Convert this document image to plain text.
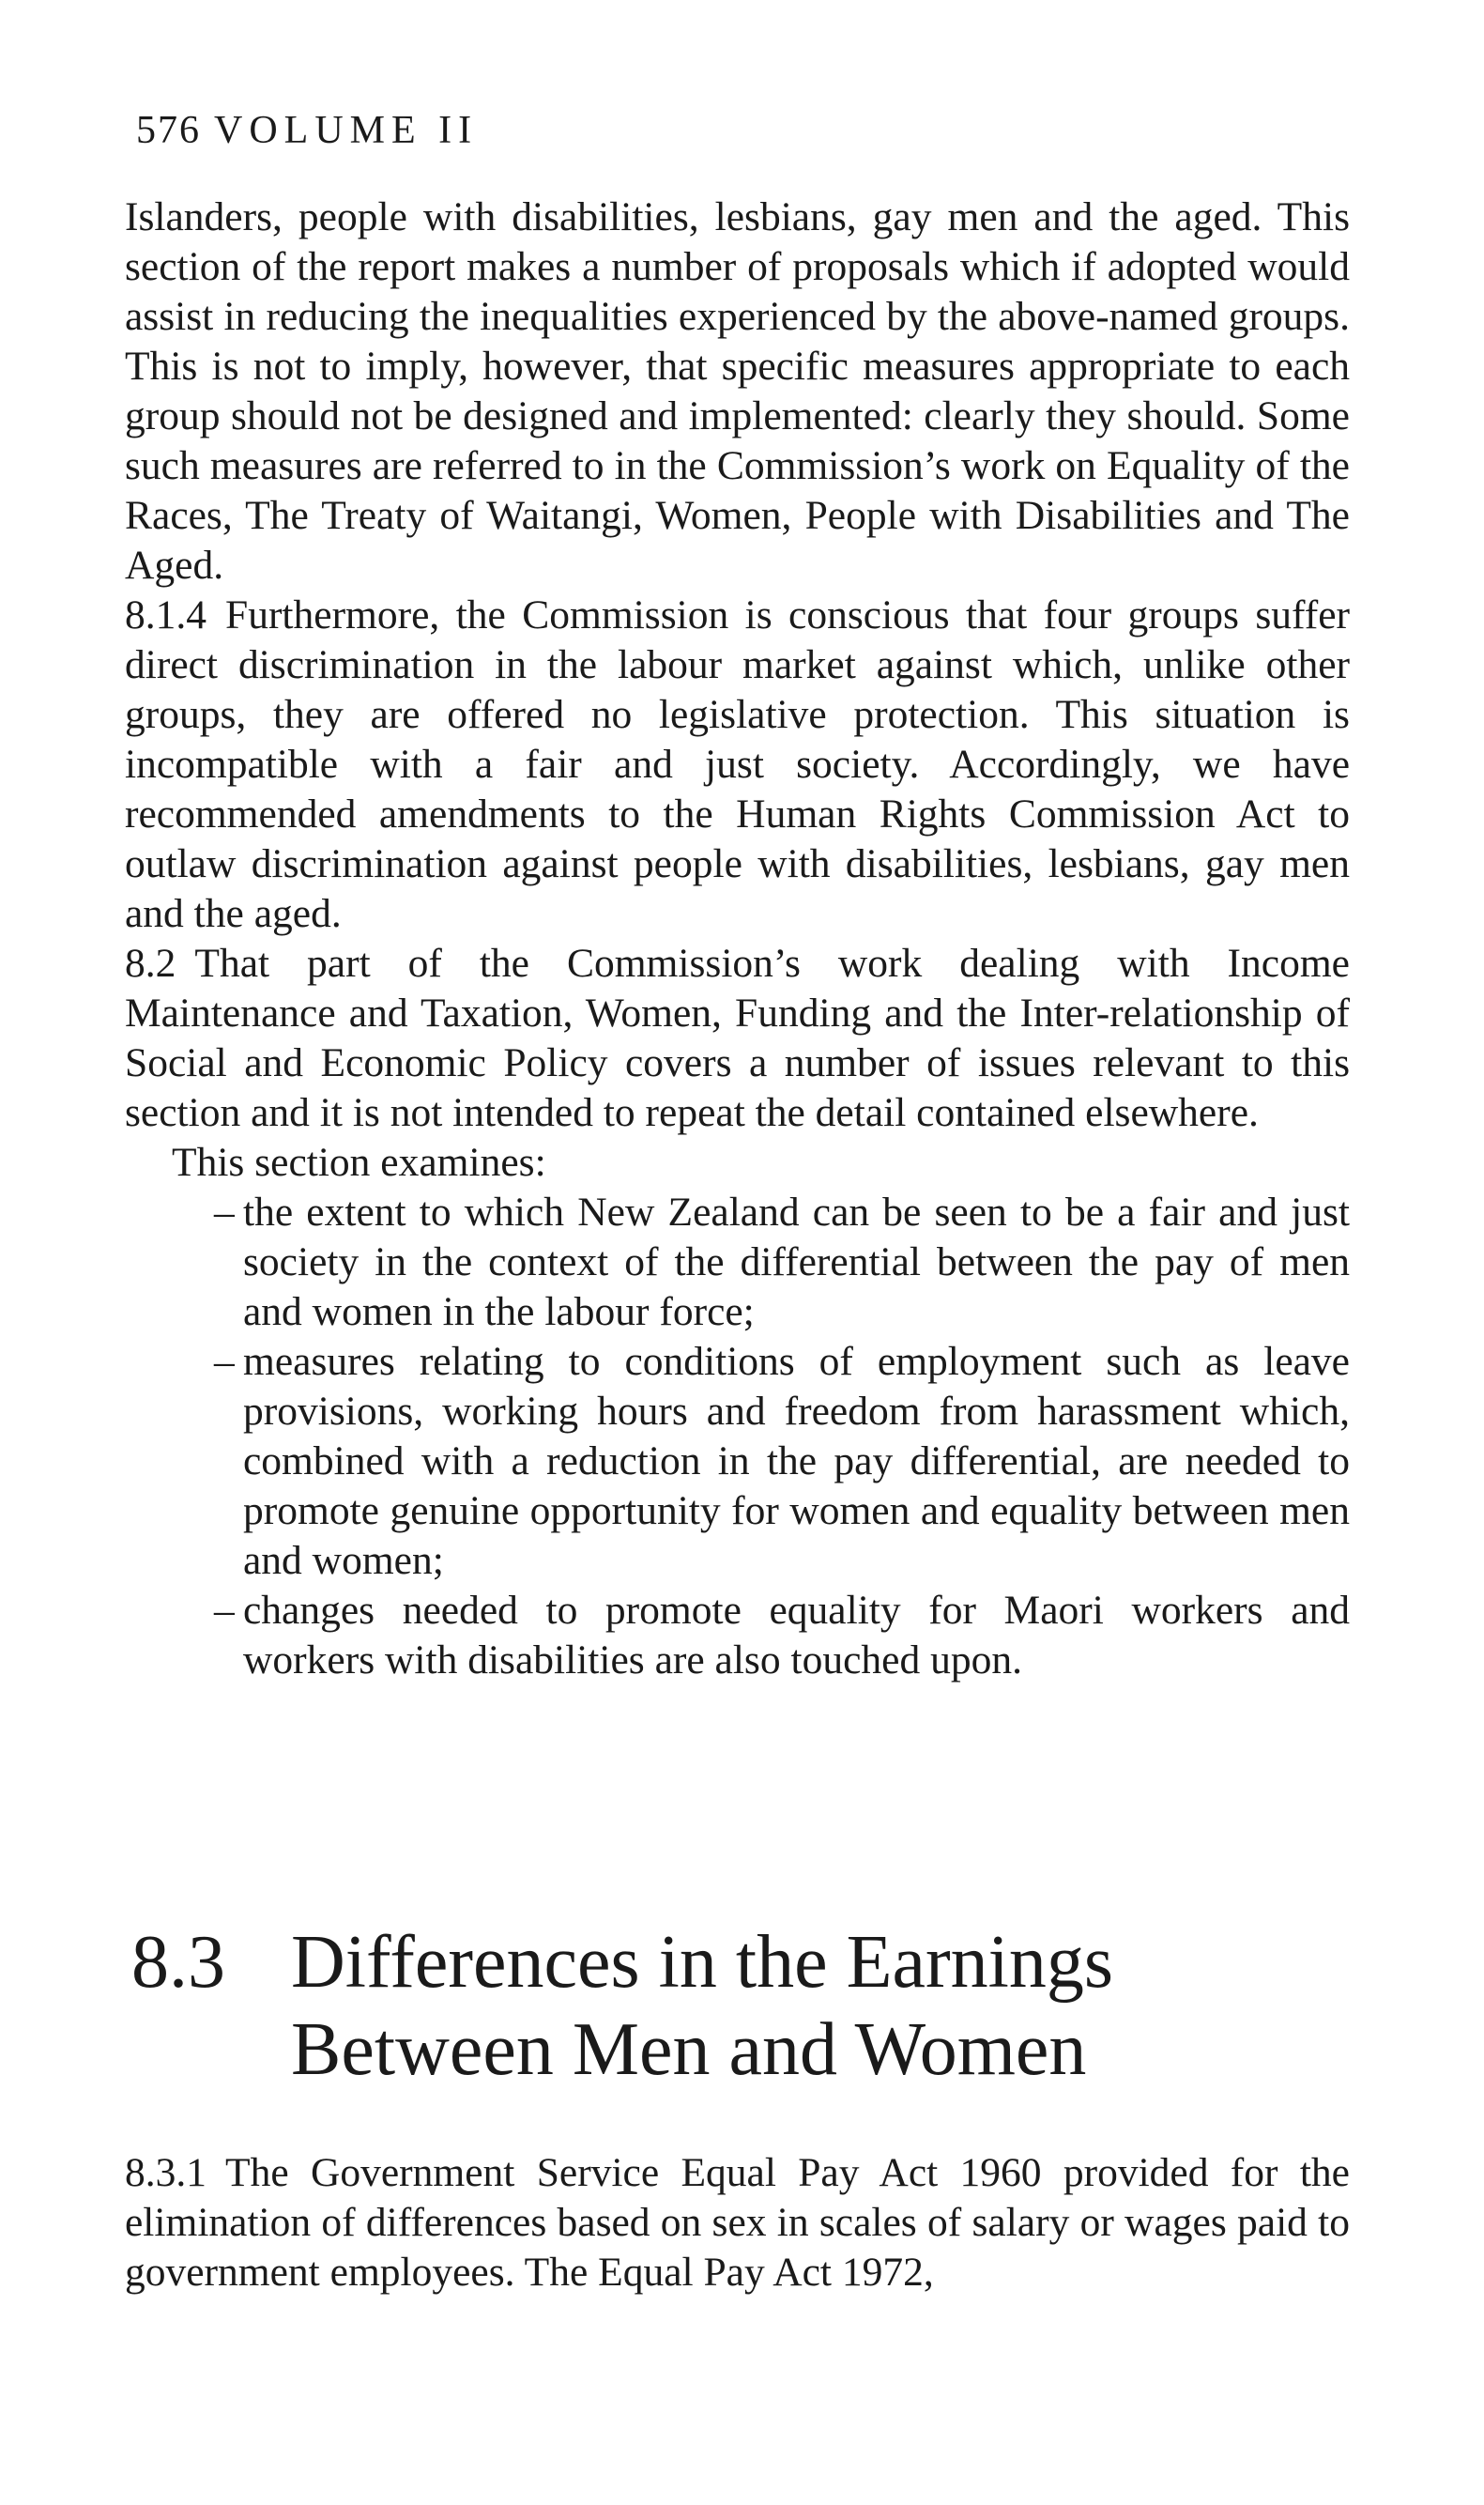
576 VOLUME II

Islanders, people with disabilities, lesbians, gay men and the aged. This section of the report makes a number of proposals which if adopted would assist in reducing the inequalities experienced by the above-named groups. This is not to imply, however, that specific measures appropriate to each group should not be designed and implemented: clearly they should. Some such measures are referred to in the Commission’s work on Equality of the Races, The Treaty of Waitangi, Women, People with Disabilities and The Aged.

8.1.4 Furthermore, the Commission is conscious that four groups suffer direct discrimination in the labour market against which, unlike other groups, they are offered no legislative protection. This situation is incompatible with a fair and just society. Accordingly, we have recommended amendments to the Human Rights Commission Act to outlaw discrimination against people with disabilities, lesbians, gay men and the aged.

8.2 That part of the Commission’s work dealing with Income Maintenance and Taxation, Women, Funding and the Inter-relationship of Social and Economic Policy covers a number of issues relevant to this section and it is not intended to repeat the detail contained elsewhere.

This section examines:

– the extent to which New Zealand can be seen to be a fair and just society in the context of the differential between the pay of men and women in the labour force;
– measures relating to conditions of employment such as leave provisions, working hours and freedom from harassment which, combined with a reduction in the pay differential, are needed to promote genuine opportunity for women and equality between men and women;
– changes needed to promote equality for Maori workers and workers with disabilities are also touched upon.
8.3 Differences in the Earnings Between Men and Women

8.3.1 The Government Service Equal Pay Act 1960 provided for the elimination of differences based on sex in scales of salary or wages paid to government employees. The Equal Pay Act 1972,
